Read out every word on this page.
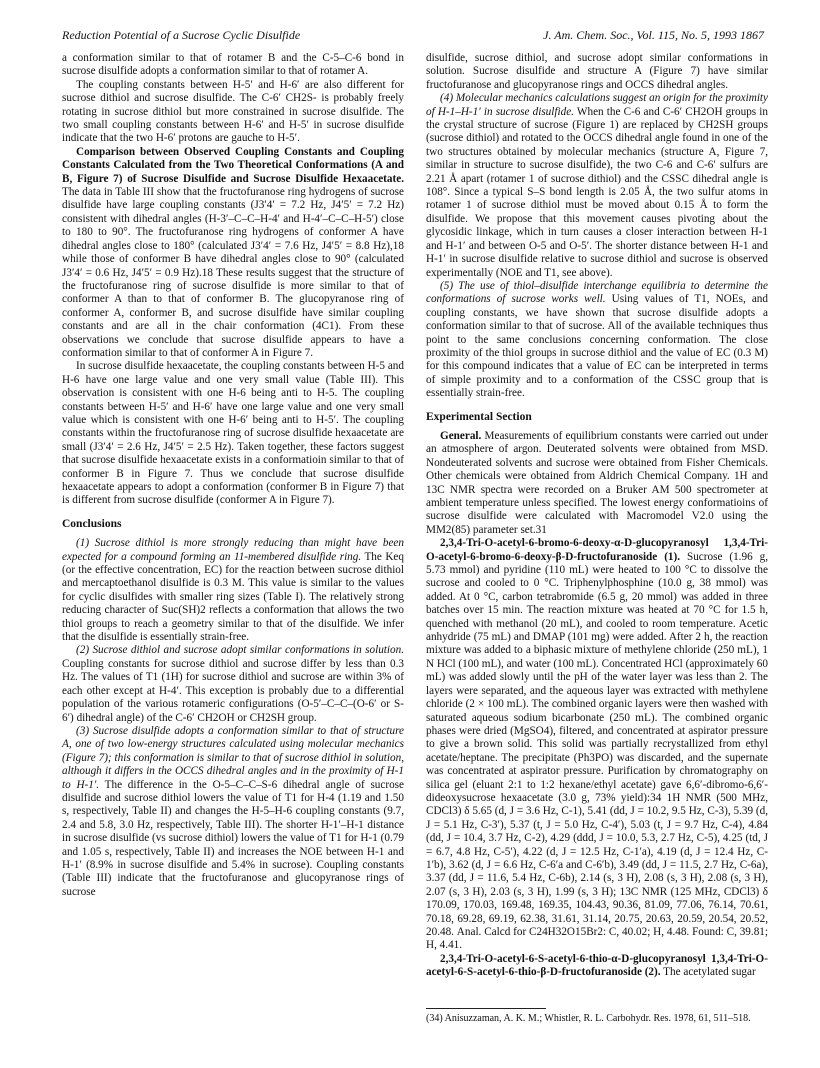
Reduction Potential of a Sucrose Cyclic Disulfide	J. Am. Chem. Soc., Vol. 115, No. 5, 1993 1867

a conformation similar to that of rotamer B and the C-5–C-6 bond in sucrose disulfide adopts a conformation similar to that of rotamer A.

The coupling constants between H-5′ and H-6′ are also different for sucrose dithiol and sucrose disulfide. The C-6′ CH2S- is probably freely rotating in sucrose dithiol but more constrained in sucrose disulfide. The two small coupling constants between H-6′ and H-5′ in sucrose disulfide indicate that the two H-6′ protons are gauche to H-5′.

Comparison between Observed Coupling Constants and Coupling Constants Calculated from the Two Theoretical Conformations (A and B, Figure 7) of Sucrose Disulfide and Sucrose Disulfide Hexaacetate. The data in Table III show that the fructofuranose ring hydrogens of sucrose disulfide have large coupling constants (J3′4′ = 7.2 Hz, J4′5′ = 7.2 Hz) consistent with dihedral angles (H-3′–C–C–H-4′ and H-4′–C–C–H-5′) close to 180 to 90°. The fructofuranose ring hydrogens of conformer A have dihedral angles close to 180° (calculated J3′4′ = 7.6 Hz, J4′5′ = 8.8 Hz),18 while those of conformer B have dihedral angles close to 90° (calculated J3′4′ = 0.6 Hz, J4′5′ = 0.9 Hz).18 These results suggest that the structure of the fructofuranose ring of sucrose disulfide is more similar to that of conformer A than to that of conformer B. The glucopyranose ring of conformer A, conformer B, and sucrose disulfide have similar coupling constants and are all in the chair conformation (4C1). From these observations we conclude that sucrose disulfide appears to have a conformation similar to that of conformer A in Figure 7.

In sucrose disulfide hexaacetate, the coupling constants between H-5 and H-6 have one large value and one very small value (Table III). This observation is consistent with one H-6 being anti to H-5. The coupling constants between H-5′ and H-6′ have one large value and one very small value which is consistent with one H-6′ being anti to H-5′. The coupling constants within the fructofuranose ring of sucrose disulfide hexaacetate are small (J3′4′ = 2.6 Hz, J4′5′ = 2.5 Hz). Taken together, these factors suggest that sucrose disulfide hexaacetate exists in a conformatioin similar to that of conformer B in Figure 7. Thus we conclude that sucrose disulfide hexaacetate appears to adopt a conformation (conformer B in Figure 7) that is different from sucrose disulfide (conformer A in Figure 7).

Conclusions

(1) Sucrose dithiol is more strongly reducing than might have been expected for a compound forming an 11-membered disulfide ring. The Keq (or the effective concentration, EC) for the reaction between sucrose dithiol and mercaptoethanol disulfide is 0.3 M. This value is similar to the values for cyclic disulfides with smaller ring sizes (Table I). The relatively strong reducing character of Suc(SH)2 reflects a conformation that allows the two thiol groups to reach a geometry similar to that of the disulfide. We infer that the disulfide is essentially strain-free.

(2) Sucrose dithiol and sucrose adopt similar conformations in solution. Coupling constants for sucrose dithiol and sucrose differ by less than 0.3 Hz. The values of T1 (1H) for sucrose dithiol and sucrose are within 3% of each other except at H-4′. This exception is probably due to a differential population of the various rotameric configurations (O-5′–C–C–(O-6′ or S-6′) dihedral angle) of the C-6′ CH2OH or CH2SH group.

(3) Sucrose disulfide adopts a conformation similar to that of structure A, one of two low-energy structures calculated using molecular mechanics (Figure 7); this conformation is similar to that of sucrose dithiol in solution, although it differs in the OCCS dihedral angles and in the proximity of H-1 to H-1′. The difference in the O-5–C–C–S-6 dihedral angle of sucrose disulfide and sucrose dithiol lowers the value of T1 for H-4 (1.19 and 1.50 s, respectively, Table II) and changes the H-5–H-6 coupling constants (9.7, 2.4 and 5.8, 3.0 Hz, respectively, Table III). The shorter H-1′–H-1 distance in sucrose disulfide (vs sucrose dithiol) lowers the value of T1 for H-1 (0.79 and 1.05 s, respectively, Table II) and increases the NOE between H-1 and H-1′ (8.9% in sucrose disulfide and 5.4% in sucrose). Coupling constants (Table III) indicate that the fructofuranose and glucopyranose rings of sucrose

disulfide, sucrose dithiol, and sucrose adopt similar conformations in solution. Sucrose disulfide and structure A (Figure 7) have similar fructofuranose and glucopyranose rings and OCCS dihedral angles.

(4) Molecular mechanics calculations suggest an origin for the proximity of H-1–H-1′ in sucrose disulfide. When the C-6 and C-6′ CH2OH groups in the crystal structure of sucrose (Figure 1) are replaced by CH2SH groups (sucrose dithiol) and rotated to the OCCS dihedral angle found in one of the two structures obtained by molecular mechanics (structure A, Figure 7, similar in structure to sucrose disulfide), the two C-6 and C-6′ sulfurs are 2.21 Å apart (rotamer 1 of sucrose dithiol) and the CSSC dihedral angle is 108°. Since a typical S–S bond length is 2.05 Å, the two sulfur atoms in rotamer 1 of sucrose dithiol must be moved about 0.15 Å to form the disulfide. We propose that this movement causes pivoting about the glycosidic linkage, which in turn causes a closer interaction between H-1 and H-1′ and between O-5 and O-5′. The shorter distance between H-1 and H-1′ in sucrose disulfide relative to sucrose dithiol and sucrose is observed experimentally (NOE and T1, see above).

(5) The use of thiol–disulfide interchange equilibria to determine the conformations of sucrose works well. Using values of T1, NOEs, and coupling constants, we have shown that sucrose disulfide adopts a conformation similar to that of sucrose. All of the available techniques thus point to the same conclusions concerning conformation. The close proximity of the thiol groups in sucrose dithiol and the value of EC (0.3 M) for this compound indicates that a value of EC can be interpreted in terms of simple proximity and to a conformation of the CSSC group that is essentially strain-free.

Experimental Section

General. Measurements of equilibrium constants were carried out under an atmosphere of argon. Deuterated solvents were obtained from MSD. Nondeuterated solvents and sucrose were obtained from Fisher Chemicals. Other chemicals were obtained from Aldrich Chemical Company. 1H and 13C NMR spectra were recorded on a Bruker AM 500 spectrometer at ambient temperature unless specified. The lowest energy conformatioins of sucrose disulfide were calculated with Macromodel V2.0 using the MM2(85) parameter set.31

2,3,4-Tri-O-acetyl-6-bromo-6-deoxy-α-D-glucopyranosyl 1,3,4-Tri-O-acetyl-6-bromo-6-deoxy-β-D-fructofuranoside (1). Sucrose (1.96 g, 5.73 mmol) and pyridine (110 mL) were heated to 100 °C to dissolve the sucrose and cooled to 0 °C. Triphenylphosphine (10.0 g, 38 mmol) was added. At 0 °C, carbon tetrabromide (6.5 g, 20 mmol) was added in three batches over 15 min. The reaction mixture was heated at 70 °C for 1.5 h, quenched with methanol (20 mL), and cooled to room temperature. Acetic anhydride (75 mL) and DMAP (101 mg) were added. After 2 h, the reaction mixture was added to a biphasic mixture of methylene chloride (250 mL), 1 N HCl (100 mL), and water (100 mL). Concentrated HCl (approximately 60 mL) was added slowly until the pH of the water layer was less than 2. The layers were separated, and the aqueous layer was extracted with methylene chloride (2 × 100 mL). The combined organic layers were then washed with saturated aqueous sodium bicarbonate (250 mL). The combined organic phases were dried (MgSO4), filtered, and concentrated at aspirator pressure to give a brown solid. This solid was partially recrystallized from ethyl acetate/heptane. The precipitate (Ph3PO) was discarded, and the supernate was concentrated at aspirator pressure. Purification by chromatography on silica gel (eluant 2:1 to 1:2 hexane/ethyl acetate) gave 6,6′-dibromo-6,6′-dideoxysucrose hexaacetate (3.0 g, 73% yield):34 1H NMR (500 MHz, CDCl3) δ 5.65 (d, J = 3.6 Hz, C-1), 5.41 (dd, J = 10.2, 9.5 Hz, C-3), 5.39 (d, J = 5.1 Hz, C-3′), 5.37 (t, J = 5.0 Hz, C-4′), 5.03 (t, J = 9.7 Hz, C-4), 4.84 (dd, J = 10.4, 3.7 Hz, C-2), 4.29 (ddd, J = 10.0, 5.3, 2.7 Hz, C-5), 4.25 (td, J = 6.7, 4.8 Hz, C-5′), 4.22 (d, J = 12.5 Hz, C-1′a), 4.19 (d, J = 12.4 Hz, C-1′b), 3.62 (d, J = 6.6 Hz, C-6′a and C-6′b), 3.49 (dd, J = 11.5, 2.7 Hz, C-6a), 3.37 (dd, J = 11.6, 5.4 Hz, C-6b), 2.14 (s, 3 H), 2.08 (s, 3 H), 2.08 (s, 3 H), 2.07 (s, 3 H), 2.03 (s, 3 H), 1.99 (s, 3 H); 13C NMR (125 MHz, CDCl3) δ 170.09, 170.03, 169.48, 169.35, 104.43, 90.36, 81.09, 77.06, 76.14, 70.61, 70.18, 69.28, 69.19, 62.38, 31.61, 31.14, 20.75, 20.63, 20.59, 20.54, 20.52, 20.48. Anal. Calcd for C24H32O15Br2: C, 40.02; H, 4.48. Found: C, 39.81; H, 4.41.

2,3,4-Tri-O-acetyl-6-S-acetyl-6-thio-α-D-glucopyranosyl 1,3,4-Tri-O-acetyl-6-S-acetyl-6-thio-β-D-fructofuranoside (2). The acetylated sugar

(34) Anisuzzaman, A. K. M.; Whistler, R. L. Carbohydr. Res. 1978, 61, 511–518.
